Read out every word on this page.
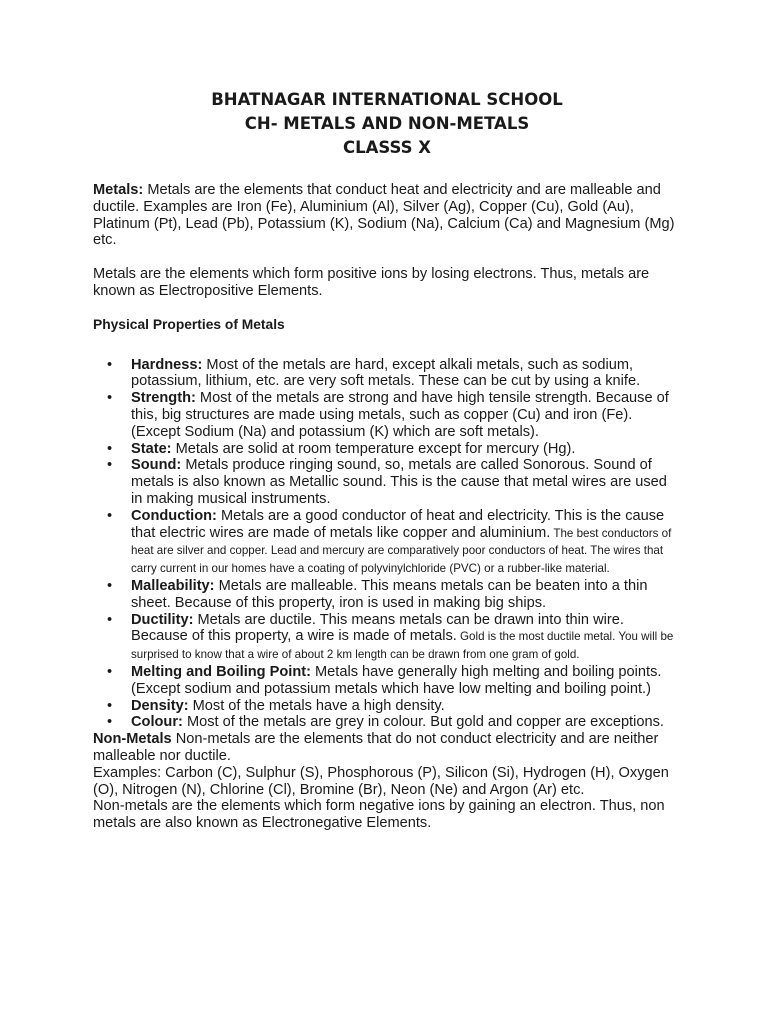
BHATNAGAR INTERNATIONAL SCHOOL
CH- METALS AND NON-METALS
CLASSS X

Metals: Metals are the elements that conduct heat and electricity and are malleable and ductile. Examples are Iron (Fe), Aluminium (Al), Silver (Ag), Copper (Cu), Gold (Au), Platinum (Pt), Lead (Pb), Potassium (K), Sodium (Na), Calcium (Ca) and Magnesium (Mg) etc.

Metals are the elements which form positive ions by losing electrons. Thus, metals are known as Electropositive Elements.

Physical Properties of Metals

• Hardness: Most of the metals are hard, except alkali metals, such as sodium, potassium, lithium, etc. are very soft metals. These can be cut by using a knife.
• Strength: Most of the metals are strong and have high tensile strength. Because of this, big structures are made using metals, such as copper (Cu) and iron (Fe). (Except Sodium (Na) and potassium (K) which are soft metals).
• State: Metals are solid at room temperature except for mercury (Hg).
• Sound: Metals produce ringing sound, so, metals are called Sonorous. Sound of metals is also known as Metallic sound. This is the cause that metal wires are used in making musical instruments.
• Conduction: Metals are a good conductor of heat and electricity. This is the cause that electric wires are made of metals like copper and aluminium. The best conductors of heat are silver and copper. Lead and mercury are comparatively poor conductors of heat. The wires that carry current in our homes have a coating of polyvinylchloride (PVC) or a rubber-like material.
• Malleability: Metals are malleable. This means metals can be beaten into a thin sheet. Because of this property, iron is used in making big ships.
• Ductility: Metals are ductile. This means metals can be drawn into thin wire. Because of this property, a wire is made of metals. Gold is the most ductile metal. You will be surprised to know that a wire of about 2 km length can be drawn from one gram of gold.
• Melting and Boiling Point: Metals have generally high melting and boiling points. (Except sodium and potassium metals which have low melting and boiling point.)
• Density: Most of the metals have a high density.
• Colour: Most of the metals are grey in colour. But gold and copper are exceptions.

Non-Metals Non-metals are the elements that do not conduct electricity and are neither malleable nor ductile.

Examples: Carbon (C), Sulphur (S), Phosphorous (P), Silicon (Si), Hydrogen (H), Oxygen (O), Nitrogen (N), Chlorine (Cl), Bromine (Br), Neon (Ne) and Argon (Ar) etc.

Non-metals are the elements which form negative ions by gaining an electron. Thus, non metals are also known as Electronegative Elements.
